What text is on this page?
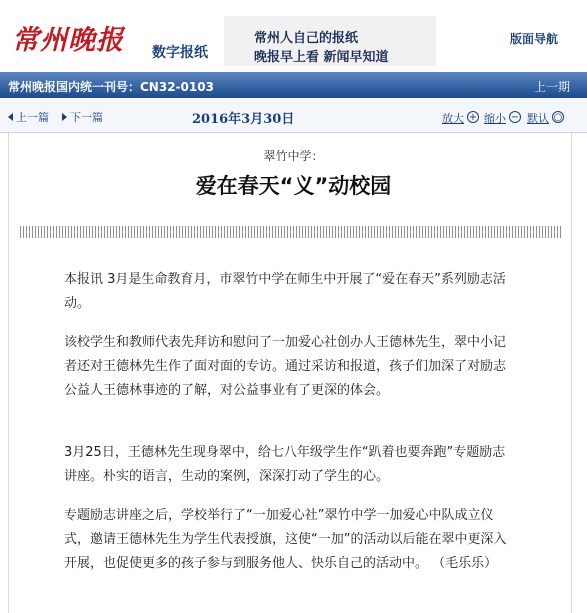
常州晚报 数字报纸
常州人自己的报纸
晚报早上看 新闻早知道
版面导航
常州晚报国内统一刊号：CN32-0103	上一期
上一篇	下一篇	2016年3月30日	放大 + 缩小 − 默认 ○
翠竹中学：
爱在春天“义”动校园

本报讯 3月是生命教育月，市翠竹中学在师生中开展了“爱在春天”系列励志活动。

该校学生和教师代表先拜访和慰问了一加爱心社创办人王德林先生，翠中小记者还对王德林先生作了面对面的专访。通过采访和报道，孩子们加深了对励志公益人王德林事迹的了解，对公益事业有了更深的体会。

3月25日，王德林先生现身翠中，给七八年级学生作“趴着也要奔跑”专题励志讲座。朴实的语言，生动的案例，深深打动了学生的心。

专题励志讲座之后，学校举行了“一加爱心社”翠竹中学一加爱心中队成立仪式，邀请王德林先生为学生代表授旗，这使“一加”的活动以后能在翠中更深入开展，也促使更多的孩子参与到服务他人、快乐自己的活动中。 （毛乐乐）
